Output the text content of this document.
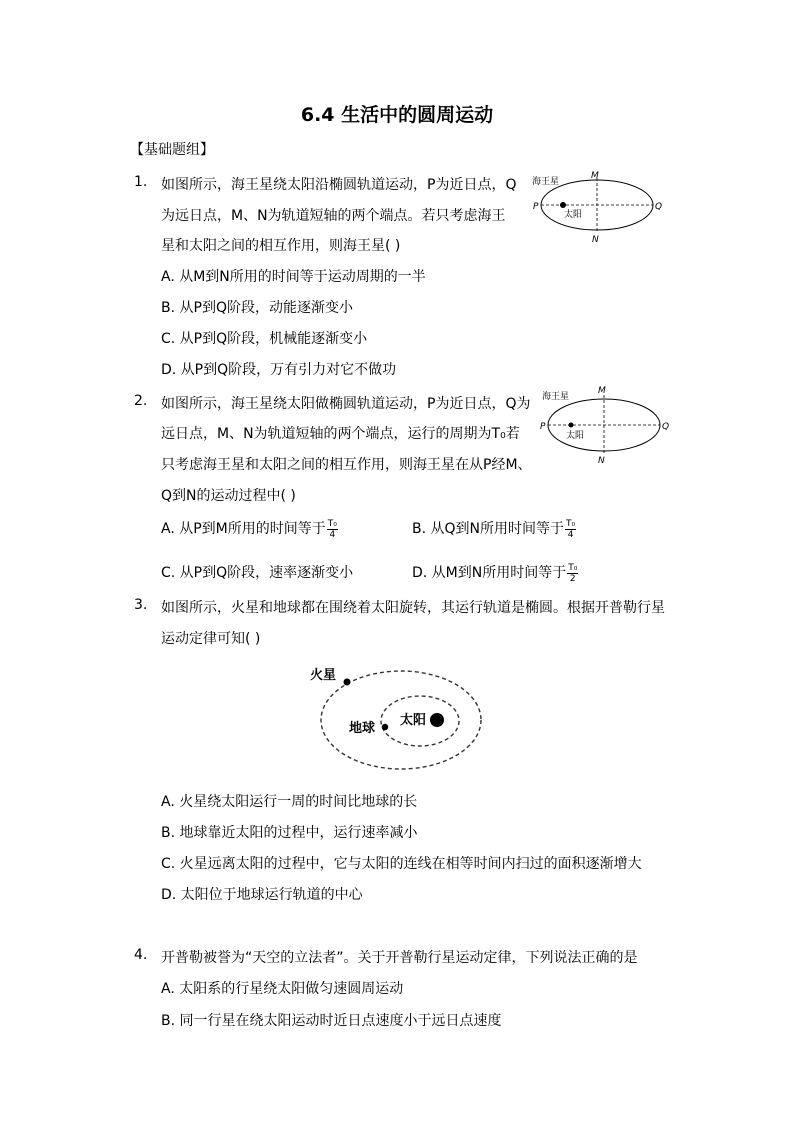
6.4 生活中的圆周运动
【基础题组】
1. 如图所示，海王星绕太阳沿椭圆轨道运动，P为近日点，Q
为远日点，M、N为轨道短轴的两个端点。若只考虑海王
星和太阳之间的相互作用，则海王星( )
A. 从M到N所用的时间等于运动周期的一半
B. 从P到Q阶段，动能逐渐变小
C. 从P到Q阶段，机械能逐渐变小
D. 从P到Q阶段，万有引力对它不做功
海王星
太阳
M
N
P	Q
2. 如图所示，海王星绕太阳做椭圆轨道运动，P为近日点，Q为
远日点，M、N为轨道短轴的两个端点，运行的周期为T₀若
只考虑海王星和太阳之间的相互作用，则海王星在从P经M、
Q到N的运动过程中( )
A. 从P到M所用的时间等于 $\frac{\text{T₀}}{4}$	B. 从Q到N所用时间等于 $\frac{\text{T₀}}{4}$
C. 从P到Q阶段，速率逐渐变小	D. 从M到N所用时间等于 $\frac{\text{T₀}}{2}$
海王星
太阳
M
N
P	Q
3. 如图所示，火星和地球都在围绕着太阳旋转，其运行轨道是椭圆。根据开普勒行星
运动定律可知( )
火星
地球
太阳
A. 火星绕太阳运行一周的时间比地球的长
B. 地球靠近太阳的过程中，运行速率减小
C. 火星远离太阳的过程中，它与太阳的连线在相等时间内扫过的面积逐渐增大
D. 太阳位于地球运行轨道的中心
4. 开普勒被誉为“天空的立法者”。关于开普勒行星运动定律，下列说法正确的是
A. 太阳系的行星绕太阳做匀速圆周运动
B. 同一行星在绕太阳运动时近日点速度小于远日点速度
